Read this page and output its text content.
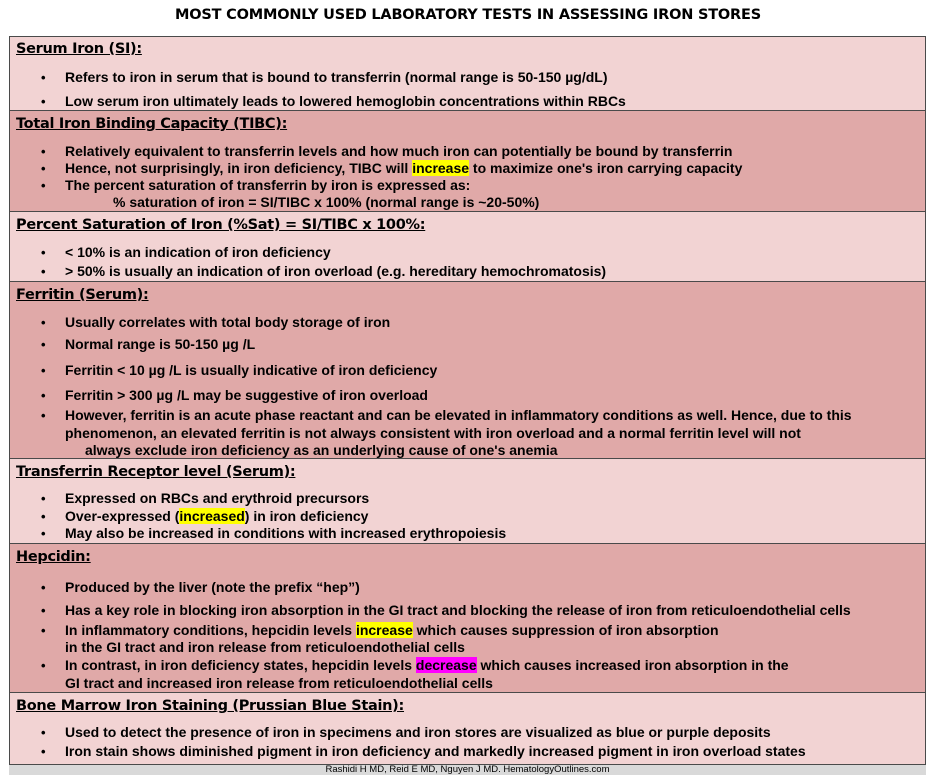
MOST COMMONLY USED LABORATORY TESTS IN ASSESSING IRON STORES
Serum Iron (SI):
• Refers to iron in serum that is bound to transferrin (normal range is 50-150 µg/dL)
• Low serum iron ultimately leads to lowered hemoglobin concentrations within RBCs
Total Iron Binding Capacity (TIBC):
• Relatively equivalent to transferrin levels and how much iron can potentially be bound by transferrin
• Hence, not surprisingly, in iron deficiency, TIBC will increase to maximize one's iron carrying capacity
• The percent saturation of transferrin by iron is expressed as:
% saturation of iron = SI/TIBC x 100% (normal range is ~20-50%)
Percent Saturation of Iron (%Sat) = SI/TIBC x 100%:
• < 10% is an indication of iron deficiency
• > 50% is usually an indication of iron overload (e.g. hereditary hemochromatosis)
Ferritin (Serum):
• Usually correlates with total body storage of iron
• Normal range is 50-150 µg /L
• Ferritin < 10 µg /L is usually indicative of iron deficiency
• Ferritin > 300 µg /L may be suggestive of iron overload
• However, ferritin is an acute phase reactant and can be elevated in inflammatory conditions as well. Hence, due to this
phenomenon, an elevated ferritin is not always consistent with iron overload and a normal ferritin level will not
always exclude iron deficiency as an underlying cause of one's anemia
Transferrin Receptor level (Serum):
• Expressed on RBCs and erythroid precursors
• Over-expressed (increased) in iron deficiency
• May also be increased in conditions with increased erythropoiesis
Hepcidin:
• Produced by the liver (note the prefix “hep”)
• Has a key role in blocking iron absorption in the GI tract and blocking the release of iron from reticuloendothelial cells
• In inflammatory conditions, hepcidin levels increase which causes suppression of iron absorption
in the GI tract and iron release from reticuloendothelial cells
• In contrast, in iron deficiency states, hepcidin levels decrease which causes increased iron absorption in the
GI tract and increased iron release from reticuloendothelial cells
Bone Marrow Iron Staining (Prussian Blue Stain):
• Used to detect the presence of iron in specimens and iron stores are visualized as blue or purple deposits
• Iron stain shows diminished pigment in iron deficiency and markedly increased pigment in iron overload states
Rashidi H MD, Reid E MD, Nguyen J MD. HematologyOutlines.com
